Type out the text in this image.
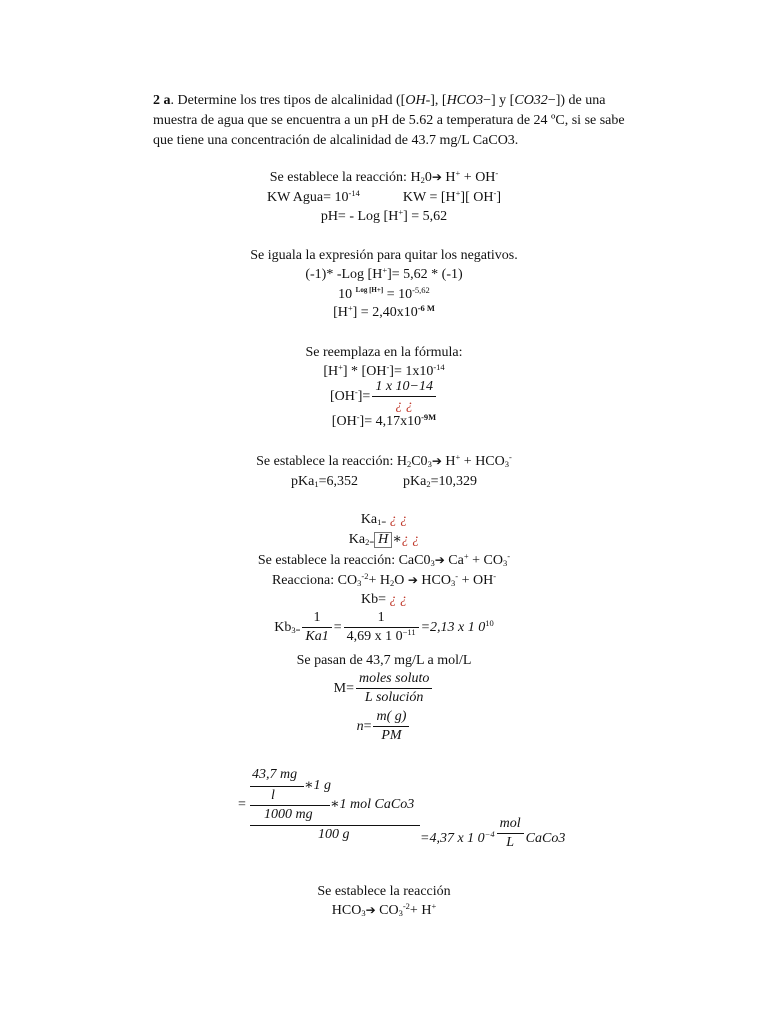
2 a. Determine los tres tipos de alcalinidad ([OH-], [HCO3−] y [CO32−]) de una
muestra de agua que se encuentra a un pH de 5.62 a temperatura de 24 ºC, si se sabe
que tiene una concentración de alcalinidad de 43.7 mg/L CaCO3.
Se establece la reacción: $H_20➔$ H+ + OH-
KW Agua= $10^{-14}$	KW = [H+][ OH-]
pH= - Log [H+] = 5,62
Se iguala la expresión para quitar los negativos.
(-1)* -Log [H+]= 5,62 * (-1)
10 $^{Log [H+]} = 10^{-5,62}$
$[H^+] = 2,40x10^{-6 M}$
Se reemplaza en la fórmula:
$[H^+] * [OH^-]= 1x10^{-14}$
$[OH^-]= \frac{1 x 10-14}{¿ ¿}$
$[OH^-]= 4,17x10^{-9M}$
Se establece la reacción: $H_2C0_3➔$ $H^+ + HCO_3^-$
pKa$_1$=6,352	pKa$_2$=10,329
$Ka_{1=}$ ¿ ¿
$Ka_{2=}$ H ∗¿ ¿
Se establece la reacción: $CaC0_3➔$ $Ca^+ + CO_3^-$
Reacciona: $CO_3^{-2}+ H_2O$ ➔ $HCO_3^- + OH^-$
Kb= ¿ ¿
$Kb_{3=} \frac{1}{Ka1} = \frac{1}{4,69 x 1 0^{-11}} =2,13$ x 1 $0^{10}$
Se pasan de 43,7 mg/L a mol/L
$M= \frac{\text{moles soluto}}{\text{L solución}}$
$n= \frac{m( g)}{PM}$
43,7 mg
l
∗1 g
=
1000 mg
∗1 mol CaCo3
100 g	=4,37 x 1 $0^{-4} \frac{\text{mol}}{L}$ CaCo3
Se establece la reacción
$HCO_3➔$ $CO_3^{-2}+ H^+$
